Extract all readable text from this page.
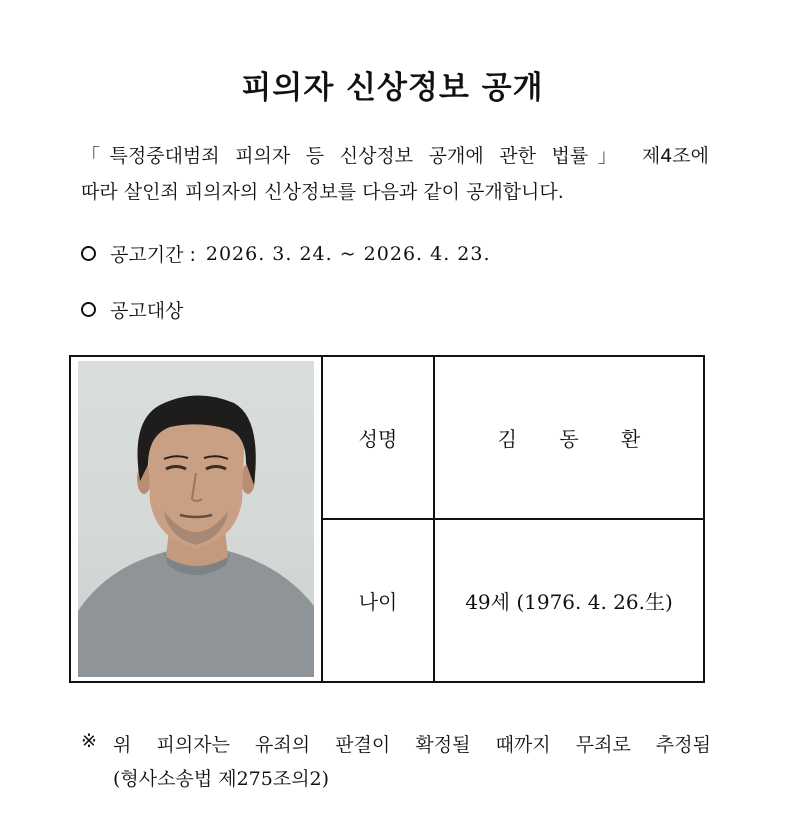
피의자 신상정보 공개
「특정중대범죄 피의자 등 신상정보 공개에 관한 법률」 제4조에
따라 살인죄 피의자의 신상정보를 다음과 같이 공개합니다.
공고기간 : 2026. 3. 24. ~ 2026. 4. 23.
공고대상
	성명	김 동 환
	나이	49세 (1976. 4. 26.生)
※ 위 피의자는 유죄의 판결이 확정될 때까지 무죄로 추정됨
(형사소송법 제275조의2)
